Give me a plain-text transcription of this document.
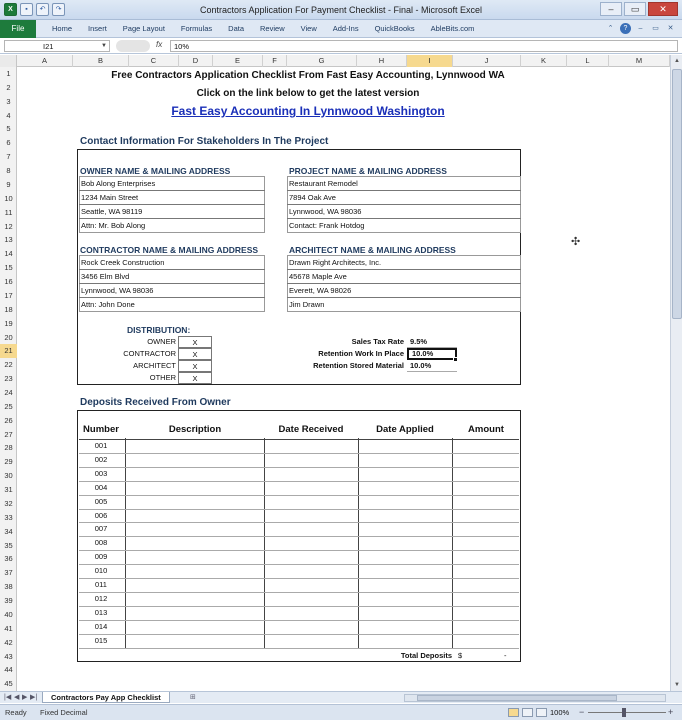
X	▪	↶	↷	Contractors Application For Payment Checklist - Final - Microsoft Excel	–	▭	✕
File	Home	Insert	Page Layout	Formulas	Data	Review	View	Add-Ins	QuickBooks	AbleBits.com	⌃	?	–	▭	✕
I21	▼	fx	10%
A	B	C	D	E	F	G	H	I	J	K	L	M
1
2
3
4
5
6
7
8
9
10
11
12
13
14
15
16
17
18
19
20
21
22
23
24
25
26
27
28
29
30
31
32
33
34
35
36
37
38
39
40
41
42
43
44
45
Free Contractors Application Checklist From Fast Easy Accounting, Lynnwood WA
Click on the link below to get the latest version
Fast Easy Accounting In Lynnwood Washington
Contact Information For Stakeholders In The Project
OWNER NAME & MAILING ADDRESS
Bob Along Enterprises
1234 Main Street
Seattle, WA 98119
Attn: Mr. Bob Along
PROJECT NAME & MAILING ADDRESS
Restaurant Remodel
7894 Oak Ave
Lynnwood, WA 98036
Contact: Frank Hotdog
CONTRACTOR NAME & MAILING ADDRESS
Rock Creek Construction
3456 Elm Blvd
Lynnwood, WA 98036
Attn: John Done
ARCHITECT NAME & MAILING ADDRESS
Drawn Right Architects, Inc.
45678 Maple Ave
Everett, WA 98026
Jim Drawn
DISTRIBUTION:
OWNER	X
CONTRACTOR	X
ARCHITECT	X
OTHER	X
Sales Tax Rate 9.5%
Retention Work In Place	10.0%
Retention Stored Material 10.0%
Deposits Received From Owner
Number	Description	Date Received	Date Applied	Amount
001
002
003
004
005
006
007
008
009
010
011
012
013
014
015
Total Deposits $	-
✣
▲
▼
|◀ ◀ ▶ ▶|	Contractors Pay App Checklist	⊞
Ready Fixed Decimal	100% −	+
